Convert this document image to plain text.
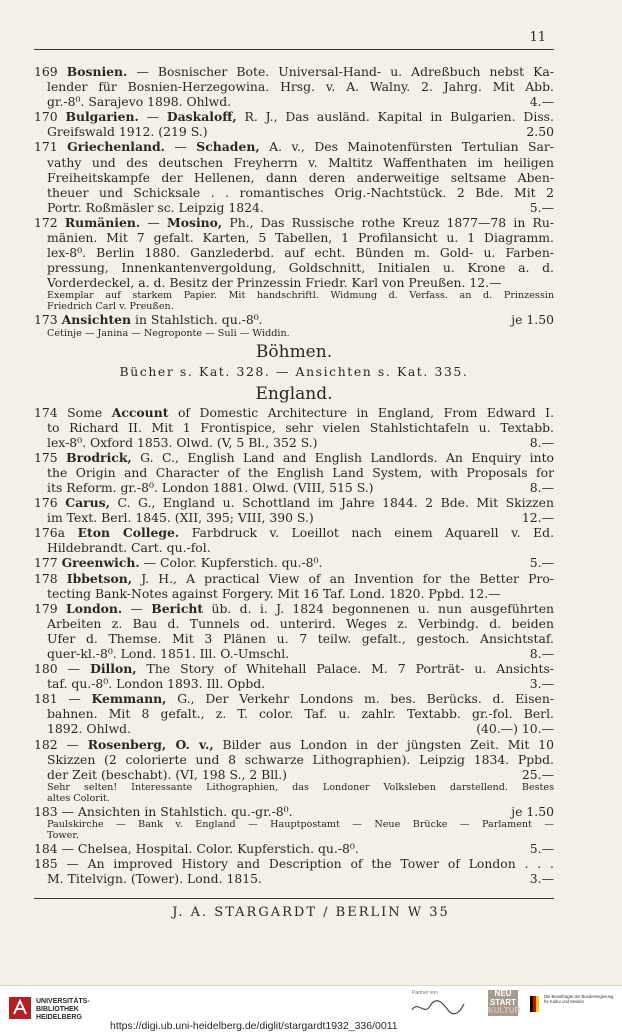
11
169 Bosnien. — Bosnischer Bote. Universal-Hand- u. Adreßbuch nebst Ka-
lender für Bosnien-Herzegowina. Hrsg. v. A. Walny. 2. Jahrg. Mit Abb.
gr.-8⁰. Sarajevo 1898. Ohlwd.	4.—
170 Bulgarien. — Daskaloff, R. J., Das ausländ. Kapital in Bulgarien. Diss.
Greifswald 1912. (219 S.)	2.50
171 Griechenland. — Schaden, A. v., Des Mainotenfürsten Tertulian Sar-
vathy und des deutschen Freyherrn v. Maltitz Waffenthaten im heiligen
Freiheitskampfe der Hellenen, dann deren anderweitige seltsame Aben-
theuer und Schicksale . . romantisches Orig.-Nachtstück. 2 Bde. Mit 2
Portr. Roßmäsler sc. Leipzig 1824.	5.—
172 Rumänien. — Mosino, Ph., Das Russische rothe Kreuz 1877—78 in Ru-
mänien. Mit 7 gefalt. Karten, 5 Tabellen, 1 Profilansicht u. 1 Diagramm.
lex-8⁰. Berlin 1880. Ganzlederbd. auf echt. Bünden m. Gold- u. Farben-
pressung, Innenkantenvergoldung, Goldschnitt, Initialen u. Krone a. d.
Vorderdeckel, a. d. Besitz der Prinzessin Friedr. Karl von Preußen. 12.—
Exemplar auf starkem Papier. Mit handschriftl. Widmung d. Verfass. an d. Prinzessin
Friedrich Carl v. Preußen.
173 Ansichten in Stahlstich. qu.-8⁰.	je 1.50
Cetinje — Janina — Negroponte — Suli — Widdin.
Böhmen.
Bücher s. Kat. 328. — Ansichten s. Kat. 335.
England.
174 Some Account of Domestic Architecture in England, From Edward I.
to Richard II. Mit 1 Frontispice, sehr vielen Stahlstichtafeln u. Textabb.
lex-8⁰. Oxford 1853. Olwd. (V, 5 Bl., 352 S.)	8.—
175 Brodrick, G. C., English Land and English Landlords. An Enquiry into
the Origin and Character of the English Land System, with Proposals for
its Reform. gr.-8⁰. London 1881. Olwd. (VIII, 515 S.)	8.—
176 Carus, C. G., England u. Schottland im Jahre 1844. 2 Bde. Mit Skizzen
im Text. Berl. 1845. (XII, 395; VIII, 390 S.)	12.—
176a Eton College. Farbdruck v. Loeillot nach einem Aquarell v. Ed.
Hildebrandt. Cart. qu.-fol.
177 Greenwich. — Color. Kupferstich. qu.-8⁰.	5.—
178 Ibbetson, J. H., A practical View of an Invention for the Better Pro-
tecting Bank-Notes against Forgery. Mit 16 Taf. Lond. 1820. Ppbd. 12.—
179 London. — Bericht üb. d. i. J. 1824 begonnenen u. nun ausgeführten
Arbeiten z. Bau d. Tunnels od. unterird. Weges z. Verbindg. d. beiden
Ufer d. Themse. Mit 3 Plänen u. 7 teilw. gefalt., gestoch. Ansichtstaf.
quer-kl.-8⁰. Lond. 1851. Ill. O.-Umschl.	8.—
180 — Dillon, The Story of Whitehall Palace. M. 7 Porträt- u. Ansichts-
taf. qu.-8⁰. London 1893. Ill. Opbd.	3.—
181 — Kemmann, G., Der Verkehr Londons m. bes. Berücks. d. Eisen-
bahnen. Mit 8 gefalt., z. T. color. Taf. u. zahlr. Textabb. gr.-fol. Berl.
1892. Ohlwd.	(40.—) 10.—
182 — Rosenberg, O. v., Bilder aus London in der jüngsten Zeit. Mit 10
Skizzen (2 colorierte und 8 schwarze Lithographien). Leipzig 1834. Ppbd.
der Zeit (beschabt). (VI, 198 S., 2 Bll.)	25.—
Sehr selten! Interessante Lithographien, das Londoner Volksleben darstellend. Bestes
altes Colorit.
183 — Ansichten in Stahlstich. qu.-gr.-8⁰.	je 1.50
Paulskirche — Bank v. England — Hauptpostamt — Neue Brücke — Parlament —
Tower.
184 — Chelsea, Hospital. Color. Kupferstich. qu.-8⁰.	5.—
185 — An improved History and Description of the Tower of London . . .
M. Titelvign. (Tower). Lond. 1815.	3.—
J. A. STARGARDT / BERLIN W 35
UNIVERSITÄTS-
BIBLIOTHEK
HEIDELBERG
Partner von	NEU
START
KULTUR
Die Beauftragte der Bundesregierung
für Kultur und Medien
https://digi.ub.uni-heidelberg.de/diglit/stargardt1932_336/0011
